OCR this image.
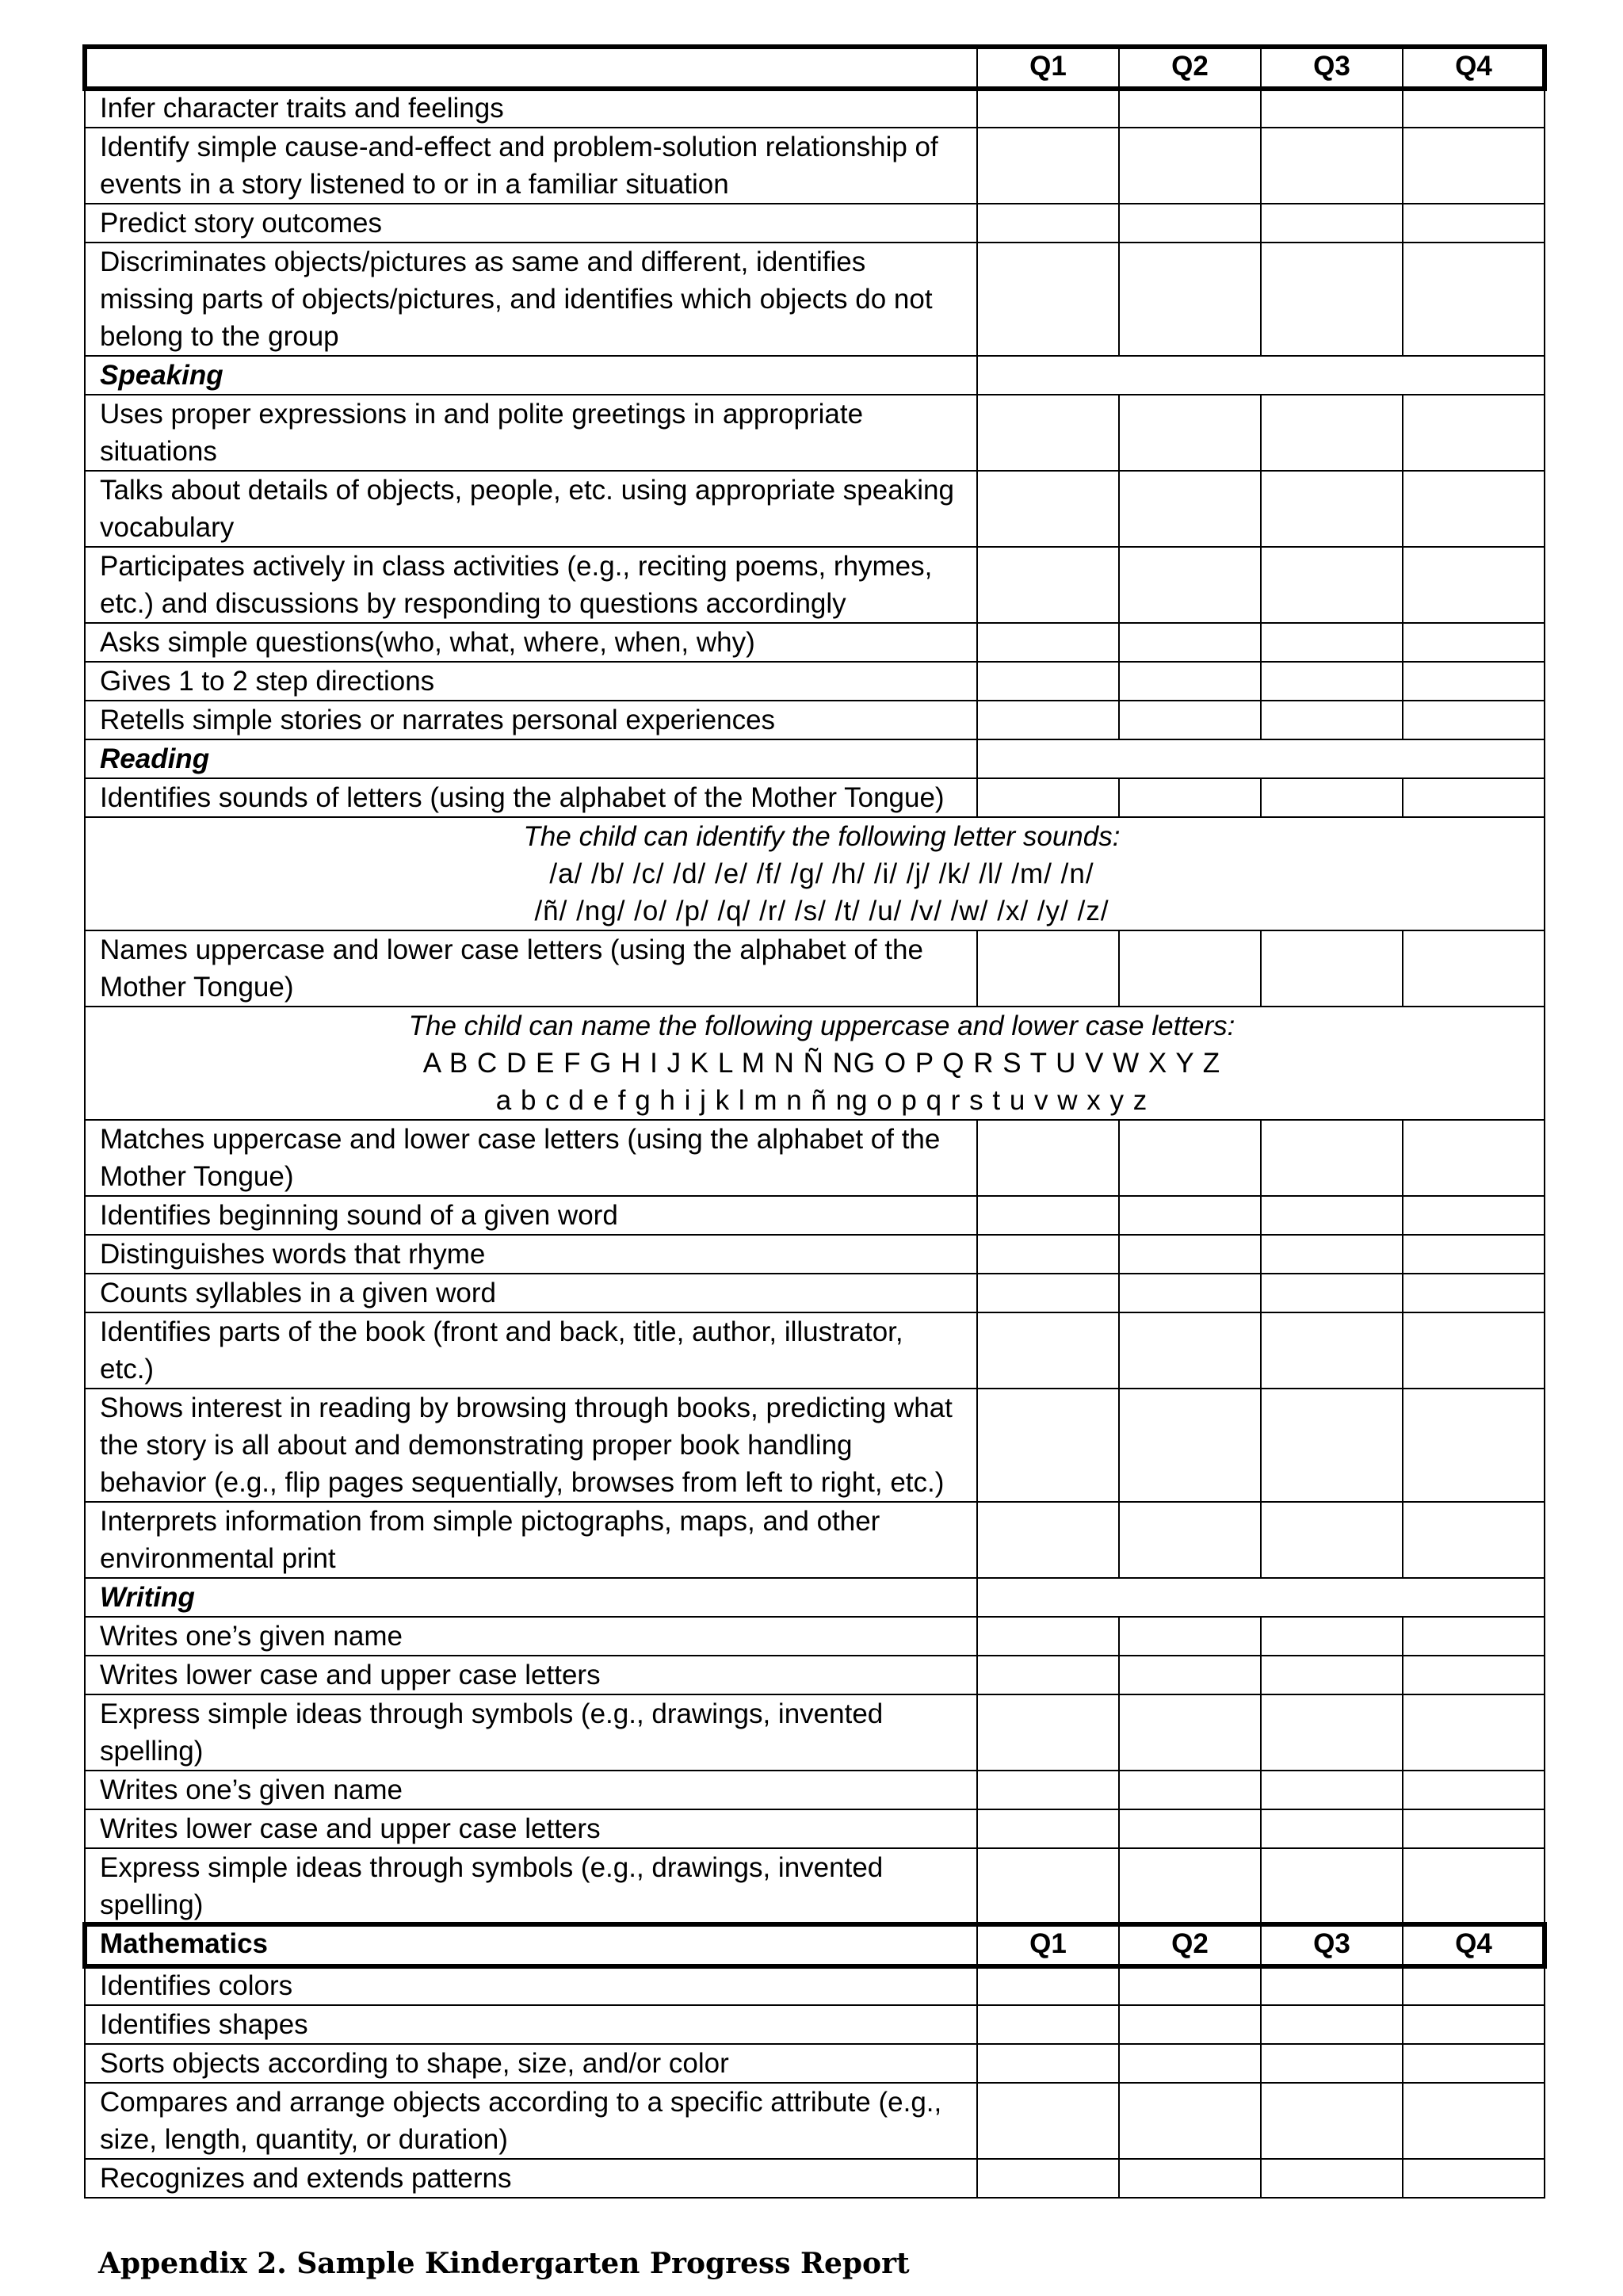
	Q1	Q2	Q3	Q4
Infer character traits and feelings				
Identify simple cause-and-effect and problem-solution relationship of
events in a story listened to or in a familiar situation				
Predict story outcomes				
Discriminates objects/pictures as same and different, identifies
missing parts of objects/pictures, and identifies which objects do not
belong to the group				
Speaking				
Uses proper expressions in and polite greetings in appropriate
situations				
Talks about details of objects, people, etc. using appropriate speaking
vocabulary				
Participates actively in class activities (e.g., reciting poems, rhymes,
etc.) and discussions by responding to questions accordingly				
Asks simple questions(who, what, where, when, why)				
Gives 1 to 2 step directions				
Retells simple stories or narrates personal experiences				
Reading				
Identifies sounds of letters (using the alphabet of the Mother Tongue)				

The child can identify the following letter sounds:
/a/ /b/ /c/ /d/ /e/ /f/ /g/ /h/ /i/ /j/ /k/ /l/ /m/ /n/
/ñ/ /ng/ /o/ /p/ /q/ /r/ /s/ /t/ /u/ /v/ /w/ /x/ /y/ /z/				

Names uppercase and lower case letters (using the alphabet of the
Mother Tongue)				

The child can name the following uppercase and lower case letters:
A B C D E F G H I J K L M N Ñ NG O P Q R S T U V W X Y Z
a b c d e f g h i j k l m n ñ ng o p q r s t u v w x y z				

Matches uppercase and lower case letters (using the alphabet of the
Mother Tongue)				
Identifies beginning sound of a given word				
Distinguishes words that rhyme				
Counts syllables in a given word				
Identifies parts of the book (front and back, title, author, illustrator,
etc.)				
Shows interest in reading by browsing through books, predicting what
the story is all about and demonstrating proper book handling
behavior (e.g., flip pages sequentially, browses from left to right, etc.)				
Interprets information from simple pictographs, maps, and other
environmental print				
Writing				
Writes one’s given name				
Writes lower case and upper case letters				
Express simple ideas through symbols (e.g., drawings, invented
spelling)				
Writes one’s given name				
Writes lower case and upper case letters				
Express simple ideas through symbols (e.g., drawings, invented
spelling)				
Mathematics	Q1	Q2	Q3	Q4
Identifies colors				
Identifies shapes				
Sorts objects according to shape, size, and/or color				
Compares and arrange objects according to a specific attribute (e.g.,
size, length, quantity, or duration)				
Recognizes and extends patterns				
Appendix 2. Sample Kindergarten Progress Report
